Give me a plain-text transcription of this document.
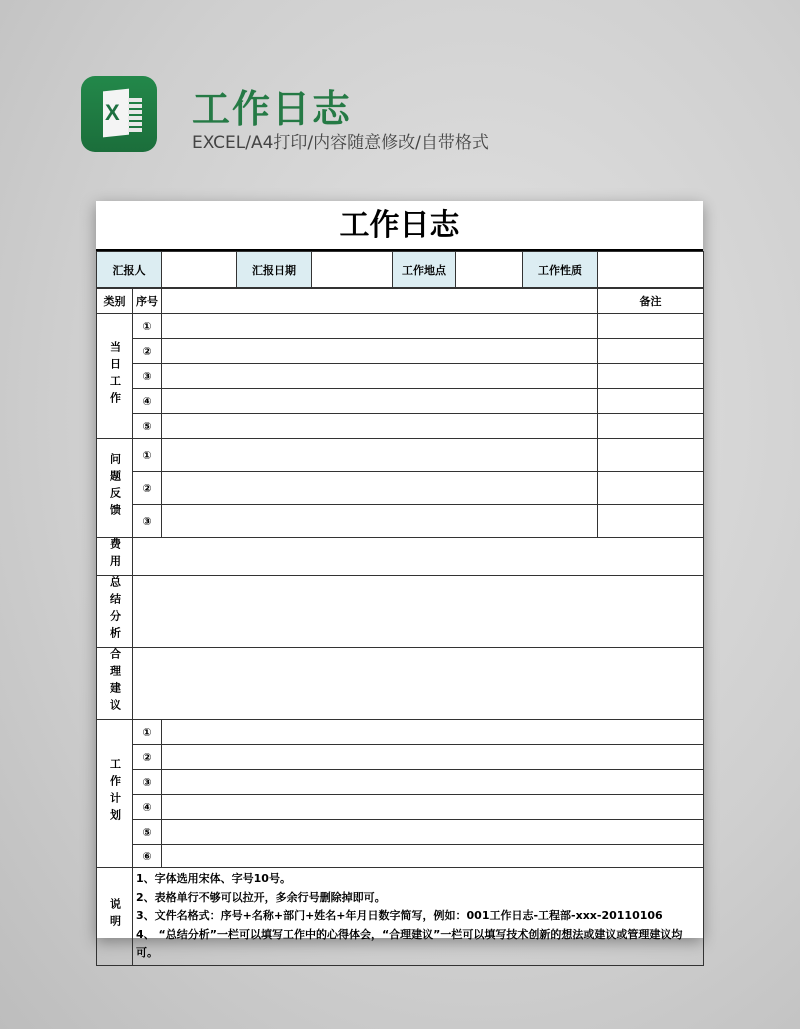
X 工作日志
EXCEL/A4打印/内容随意修改/自带格式
工作日志
汇报人		汇报日期		工作地点		工作性质	
类别	序号		备注
当日工作	①		
	②		
	③		
	④		
	⑤		
问题反馈	①		
	②		
	③		
费用			
总结分析			
合理建议			
工作计划	①		
	②		
	③		
	④		
	⑤		
	⑥		
说明	1、字体选用宋体、字号10号。
2、表格单行不够可以拉开，多余行号删除掉即可。
3、文件名格式：序号+名称+部门+姓名+年月日数字简写，例如：001工作日志-工程部-xxx-20110106
4、 “总结分析”一栏可以填写工作中的心得体会，“合理建议”一栏可以填写技术创新的想法或建议或管理建议均可。		
